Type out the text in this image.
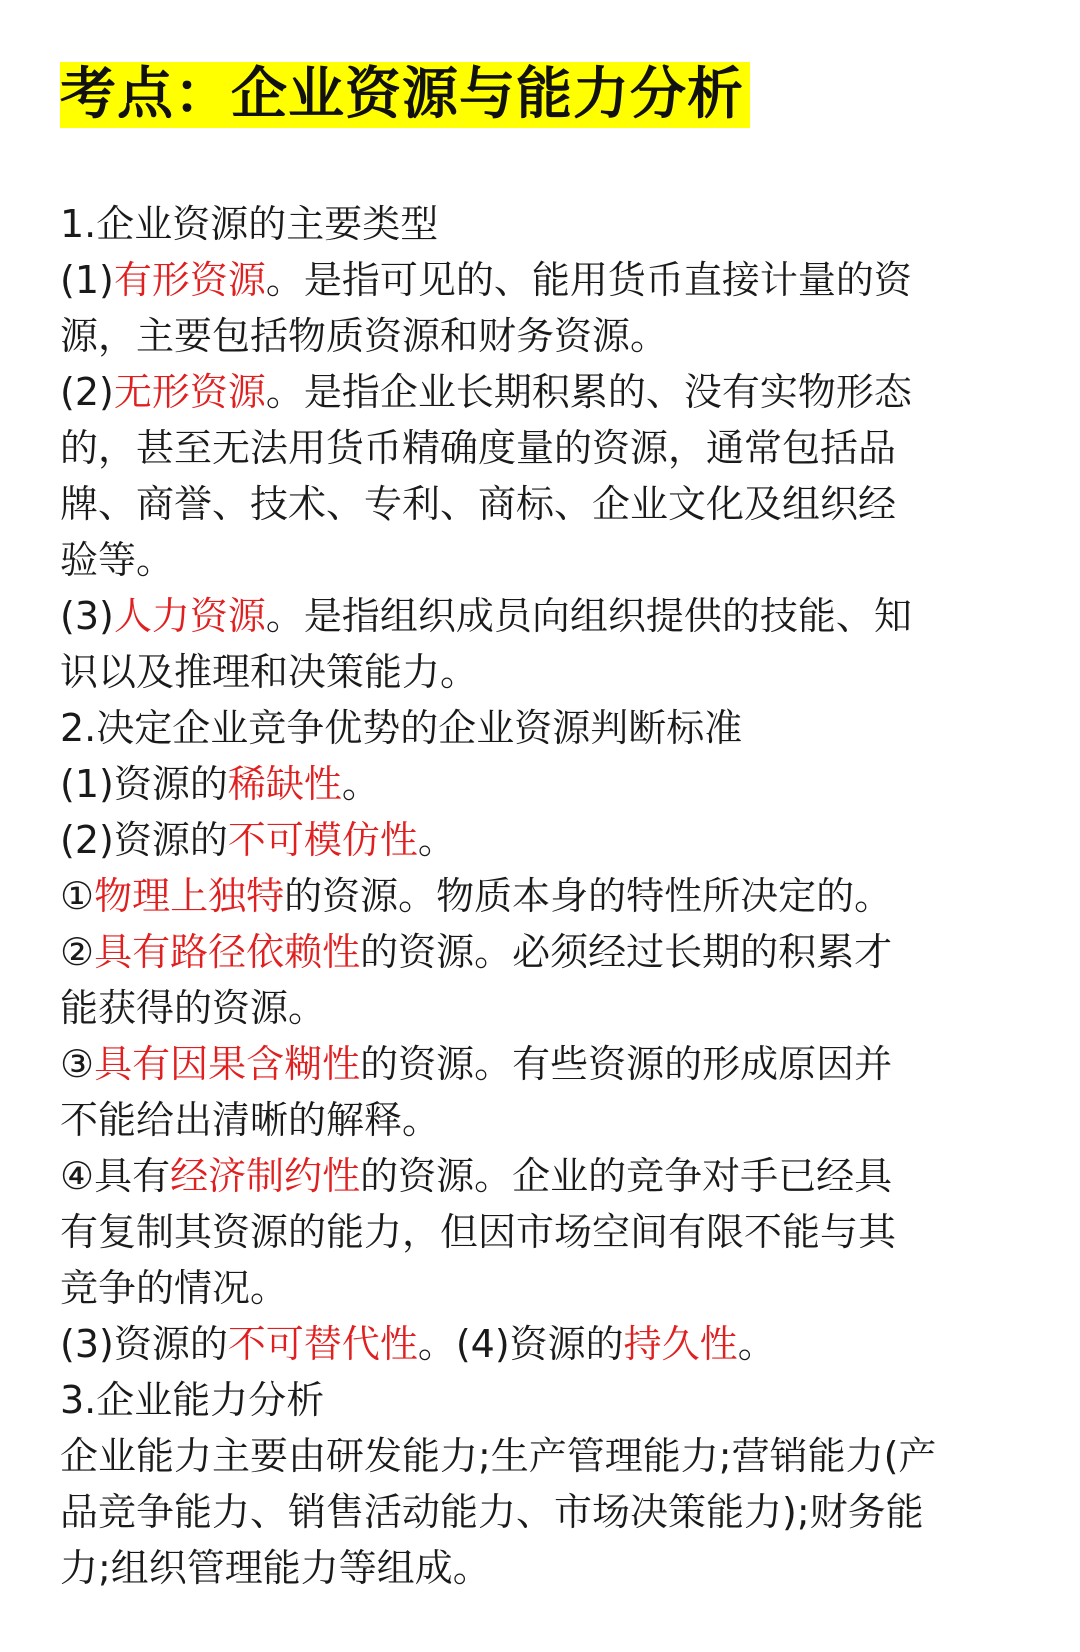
考点：企业资源与能力分析
1.企业资源的主要类型
(1)有形资源。是指可见的、能用货币直接计量的资
源，主要包括物质资源和财务资源。
(2)无形资源。是指企业长期积累的、没有实物形态
的，甚至无法用货币精确度量的资源，通常包括品
牌、商誉、技术、专利、商标、企业文化及组织经
验等。
(3)人力资源。是指组织成员向组织提供的技能、知
识以及推理和决策能力。
2.决定企业竞争优势的企业资源判断标准
(1)资源的稀缺性。
(2)资源的不可模仿性。
①物理上独特的资源。物质本身的特性所决定的。
②具有路径依赖性的资源。必须经过长期的积累才
能获得的资源。
③具有因果含糊性的资源。有些资源的形成原因并
不能给出清晰的解释。
④具有经济制约性的资源。企业的竞争对手已经具
有复制其资源的能力，但因市场空间有限不能与其
竞争的情况。
(3)资源的不可替代性。(4)资源的持久性。
3.企业能力分析
企业能力主要由研发能力;生产管理能力;营销能力(产
品竞争能力、销售活动能力、市场决策能力);财务能
力;组织管理能力等组成。
